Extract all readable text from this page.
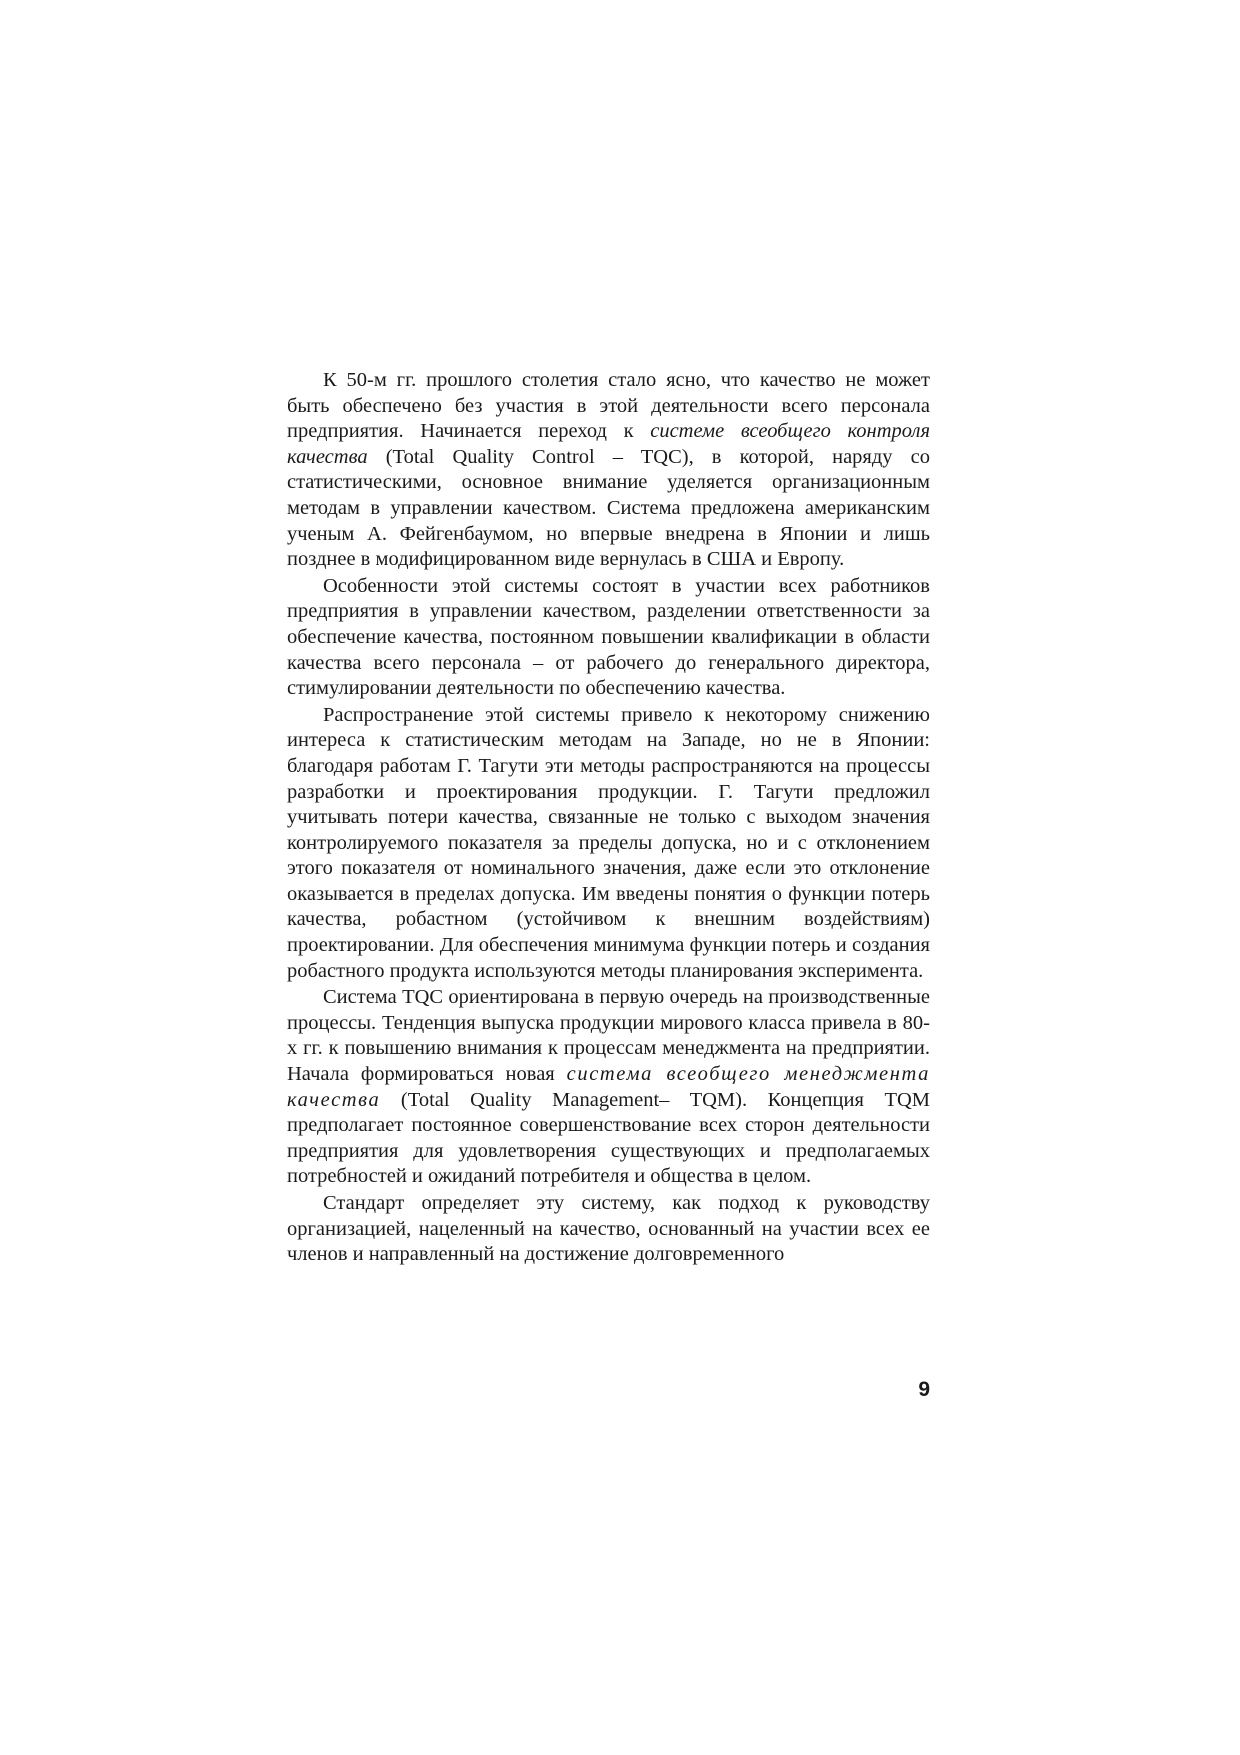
К 50-м гг. прошлого столетия стало ясно, что качество не может быть обеспечено без участия в этой деятельности всего персонала предприятия. Начинается переход к системе всеобщего контроля качества (Total Quality Control – TQC), в которой, наряду со статистическими, основное внимание уделяется организационным методам в управлении качеством. Система предложена американским ученым А. Фейгенбаумом, но впервые внедрена в Японии и лишь позднее в модифицированном виде вернулась в США и Европу.

Особенности этой системы состоят в участии всех работников предприятия в управлении качеством, разделении ответственности за обеспечение качества, постоянном повышении квалификации в области качества всего персонала – от рабочего до генерального директора, стимулировании деятельности по обеспечению качества.

Распространение этой системы привело к некоторому снижению интереса к статистическим методам на Западе, но не в Японии: благодаря работам Г. Тагути эти методы распространяются на процессы разработки и проектирования продукции. Г. Тагути предложил учитывать потери качества, связанные не только с выходом значения контролируемого показателя за пределы допуска, но и с отклонением этого показателя от номинального значения, даже если это отклонение оказывается в пределах допуска. Им введены понятия о функции потерь качества, робастном (устойчивом к внешним воздействиям) проектировании. Для обеспечения минимума функции потерь и создания робастного продукта используются методы планирования эксперимента.

Система TQC ориентирована в первую очередь на производственные процессы. Тенденция выпуска продукции мирового класса привела в 80-х гг. к повышению внимания к процессам менеджмента на предприятии. Начала формироваться новая система всеобщего менеджмента качества (Total Quality Management– TQM). Концепция TQM предполагает постоянное совершенствование всех сторон деятельности предприятия для удовлетворения существующих и предполагаемых потребностей и ожиданий потребителя и общества в целом.

Стандарт определяет эту систему, как подход к руководству организацией, нацеленный на качество, основанный на участии всех ее членов и направленный на достижение долговременного

9
